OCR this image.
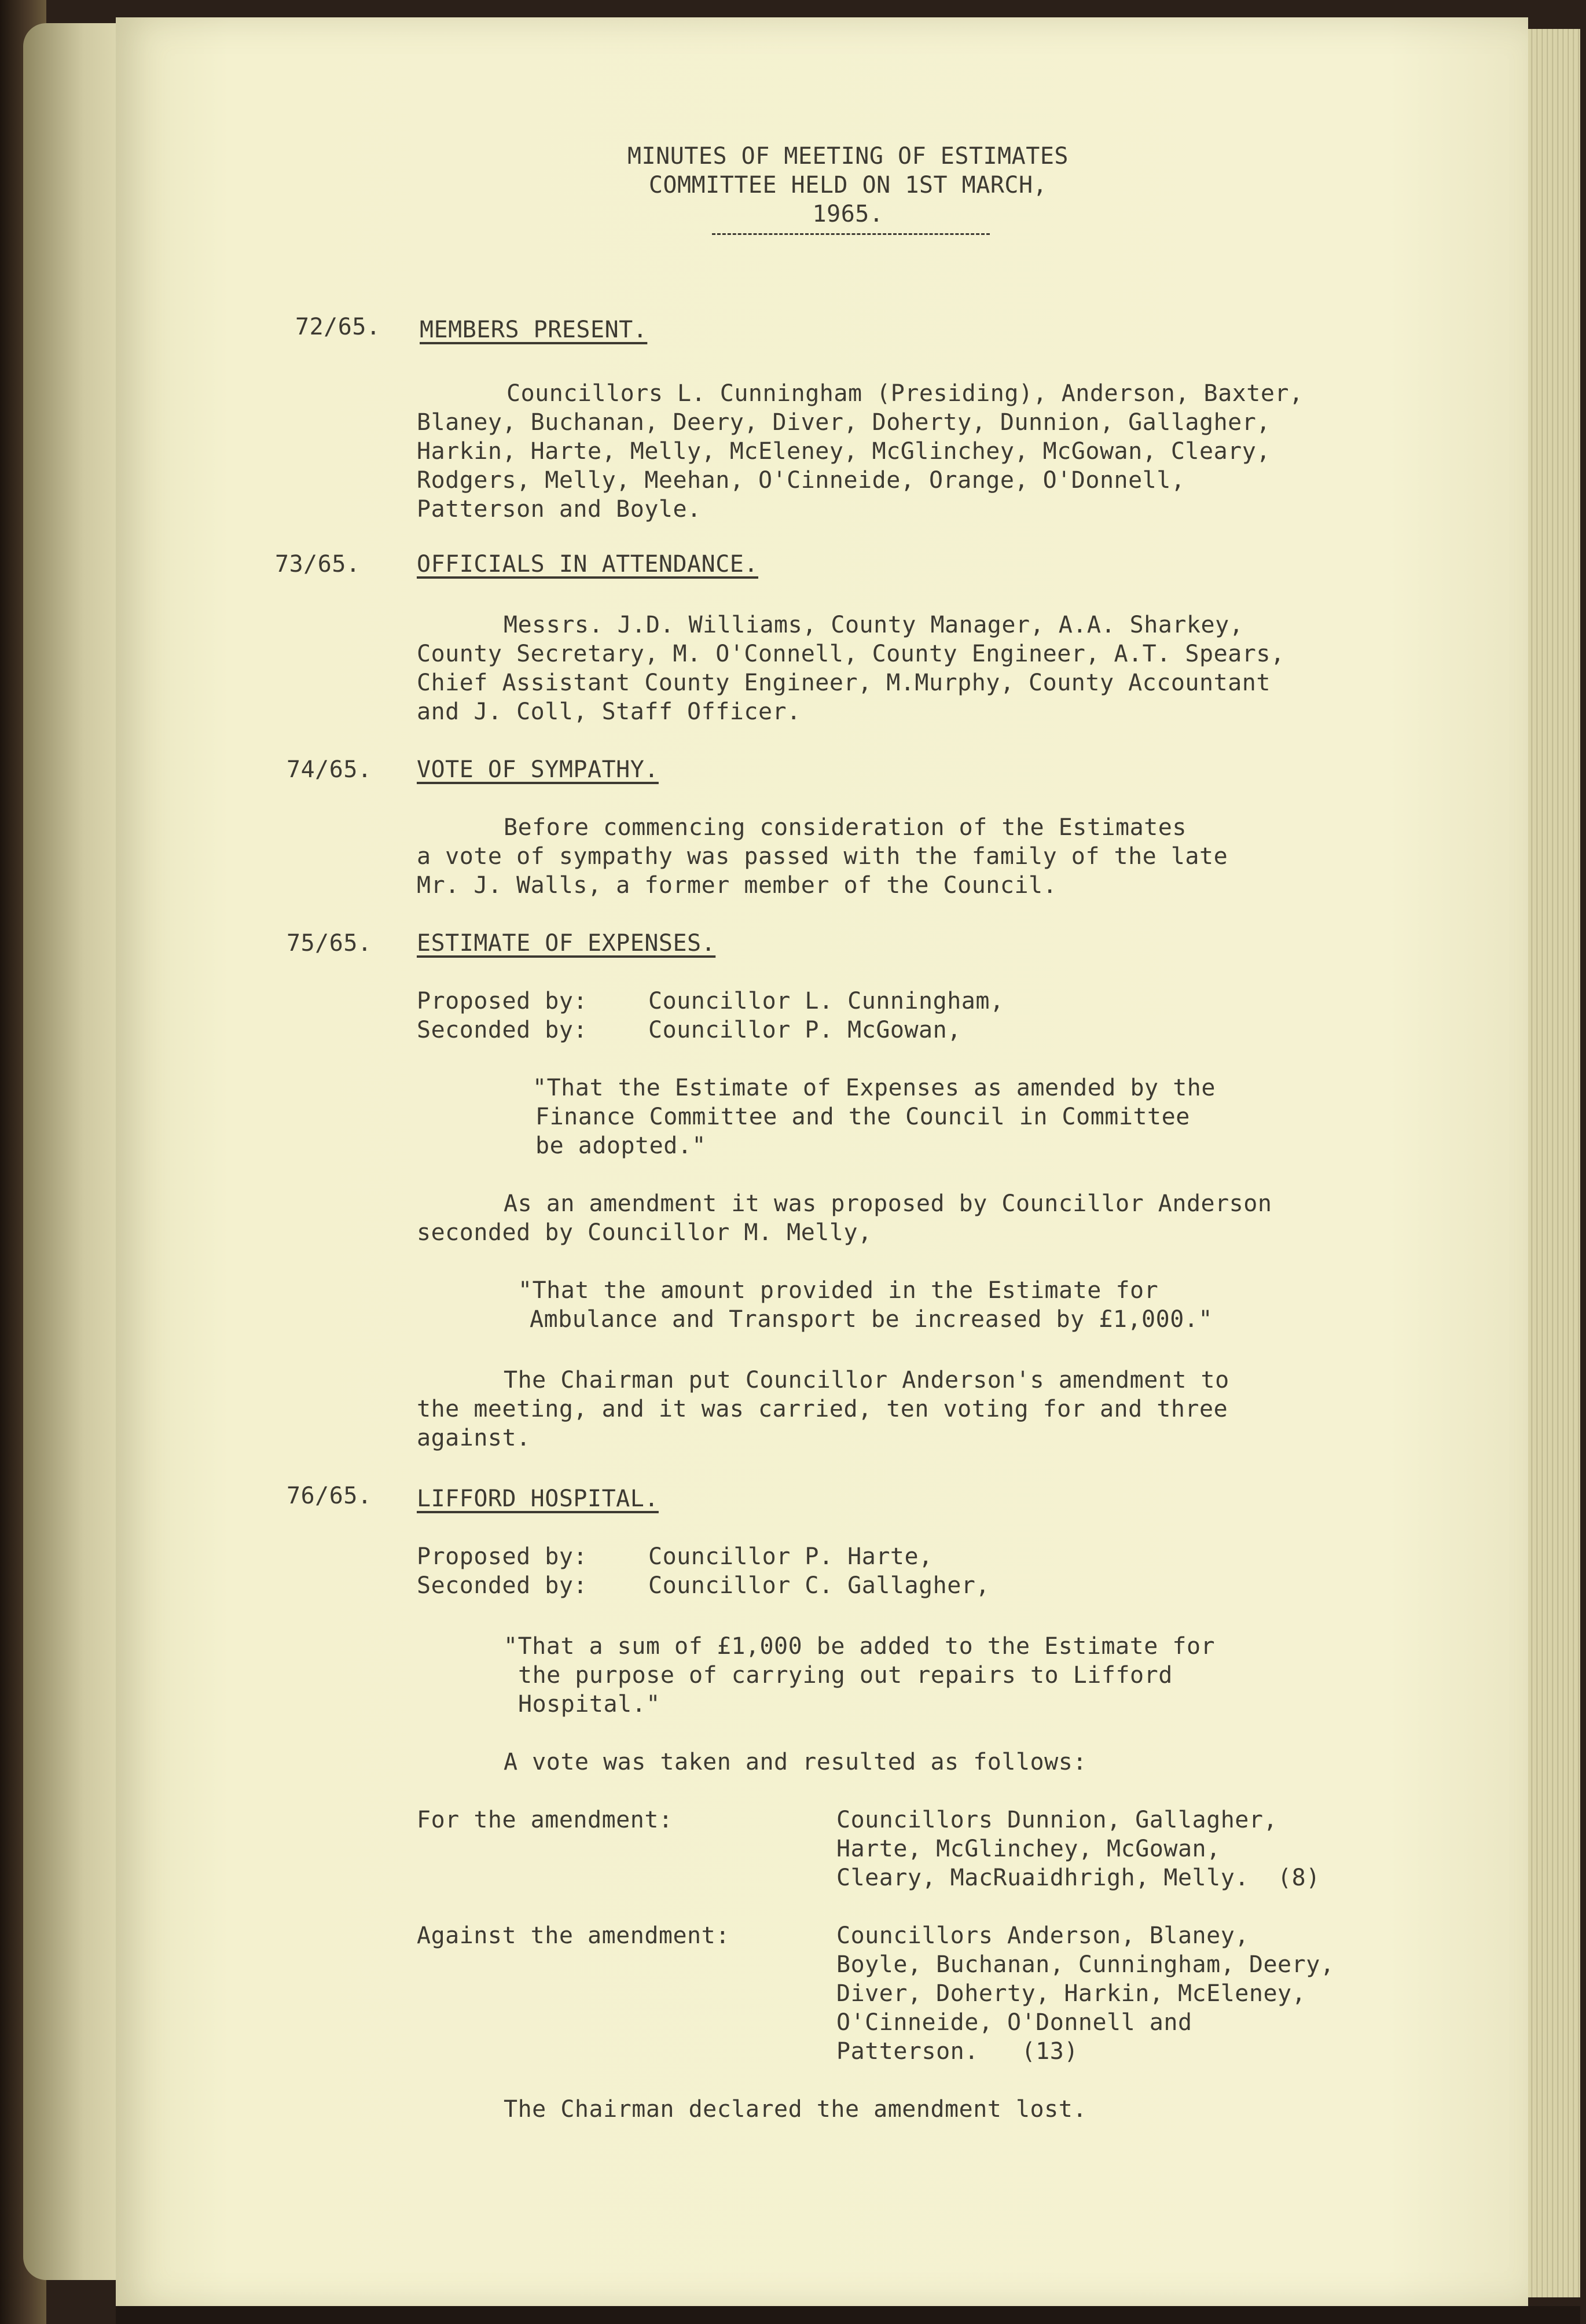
MINUTES OF MEETING OF ESTIMATES
COMMITTEE HELD ON 1ST MARCH,
1965.
72/65. MEMBERS PRESENT.
Councillors L. Cunningham (Presiding), Anderson, Baxter,
Blaney, Buchanan, Deery, Diver, Doherty, Dunnion, Gallagher,
Harkin, Harte, Melly, McEleney, McGlinchey, McGowan, Cleary,
Rodgers, Melly, Meehan, O'Cinneide, Orange, O'Donnell,
Patterson and Boyle.
73/65. OFFICIALS IN ATTENDANCE.
Messrs. J.D. Williams, County Manager, A.A. Sharkey,
County Secretary, M. O'Connell, County Engineer, A.T. Spears,
Chief Assistant County Engineer, M.Murphy, County Accountant
and J. Coll, Staff Officer.
74/65. VOTE OF SYMPATHY.
Before commencing consideration of the Estimates
a vote of sympathy was passed with the family of the late
Mr. J. Walls, a former member of the Council.
75/65. ESTIMATE OF EXPENSES.
Proposed by:	Councillor L. Cunningham,
Seconded by:	Councillor P. McGowan,
"That the Estimate of Expenses as amended by the
Finance Committee and the Council in Committee
be adopted."
As an amendment it was proposed by Councillor Anderson
seconded by Councillor M. Melly,
"That the amount provided in the Estimate for
Ambulance and Transport be increased by £1,000."
The Chairman put Councillor Anderson's amendment to
the meeting, and it was carried, ten voting for and three
against.
76/65. LIFFORD HOSPITAL.
Proposed by:	Councillor P. Harte,
Seconded by:	Councillor C. Gallagher,
"That a sum of £1,000 be added to the Estimate for
the purpose of carrying out repairs to Lifford
Hospital."
A vote was taken and resulted as follows:
For the amendment:	Councillors Dunnion, Gallagher,
Harte, McGlinchey, McGowan,
Cleary, MacRuaidhrigh, Melly.  (8)
Against the amendment:	Councillors Anderson, Blaney,
Boyle, Buchanan, Cunningham, Deery,
Diver, Doherty, Harkin, McEleney,
O'Cinneide, O'Donnell and
Patterson.   (13)
The Chairman declared the amendment lost.
